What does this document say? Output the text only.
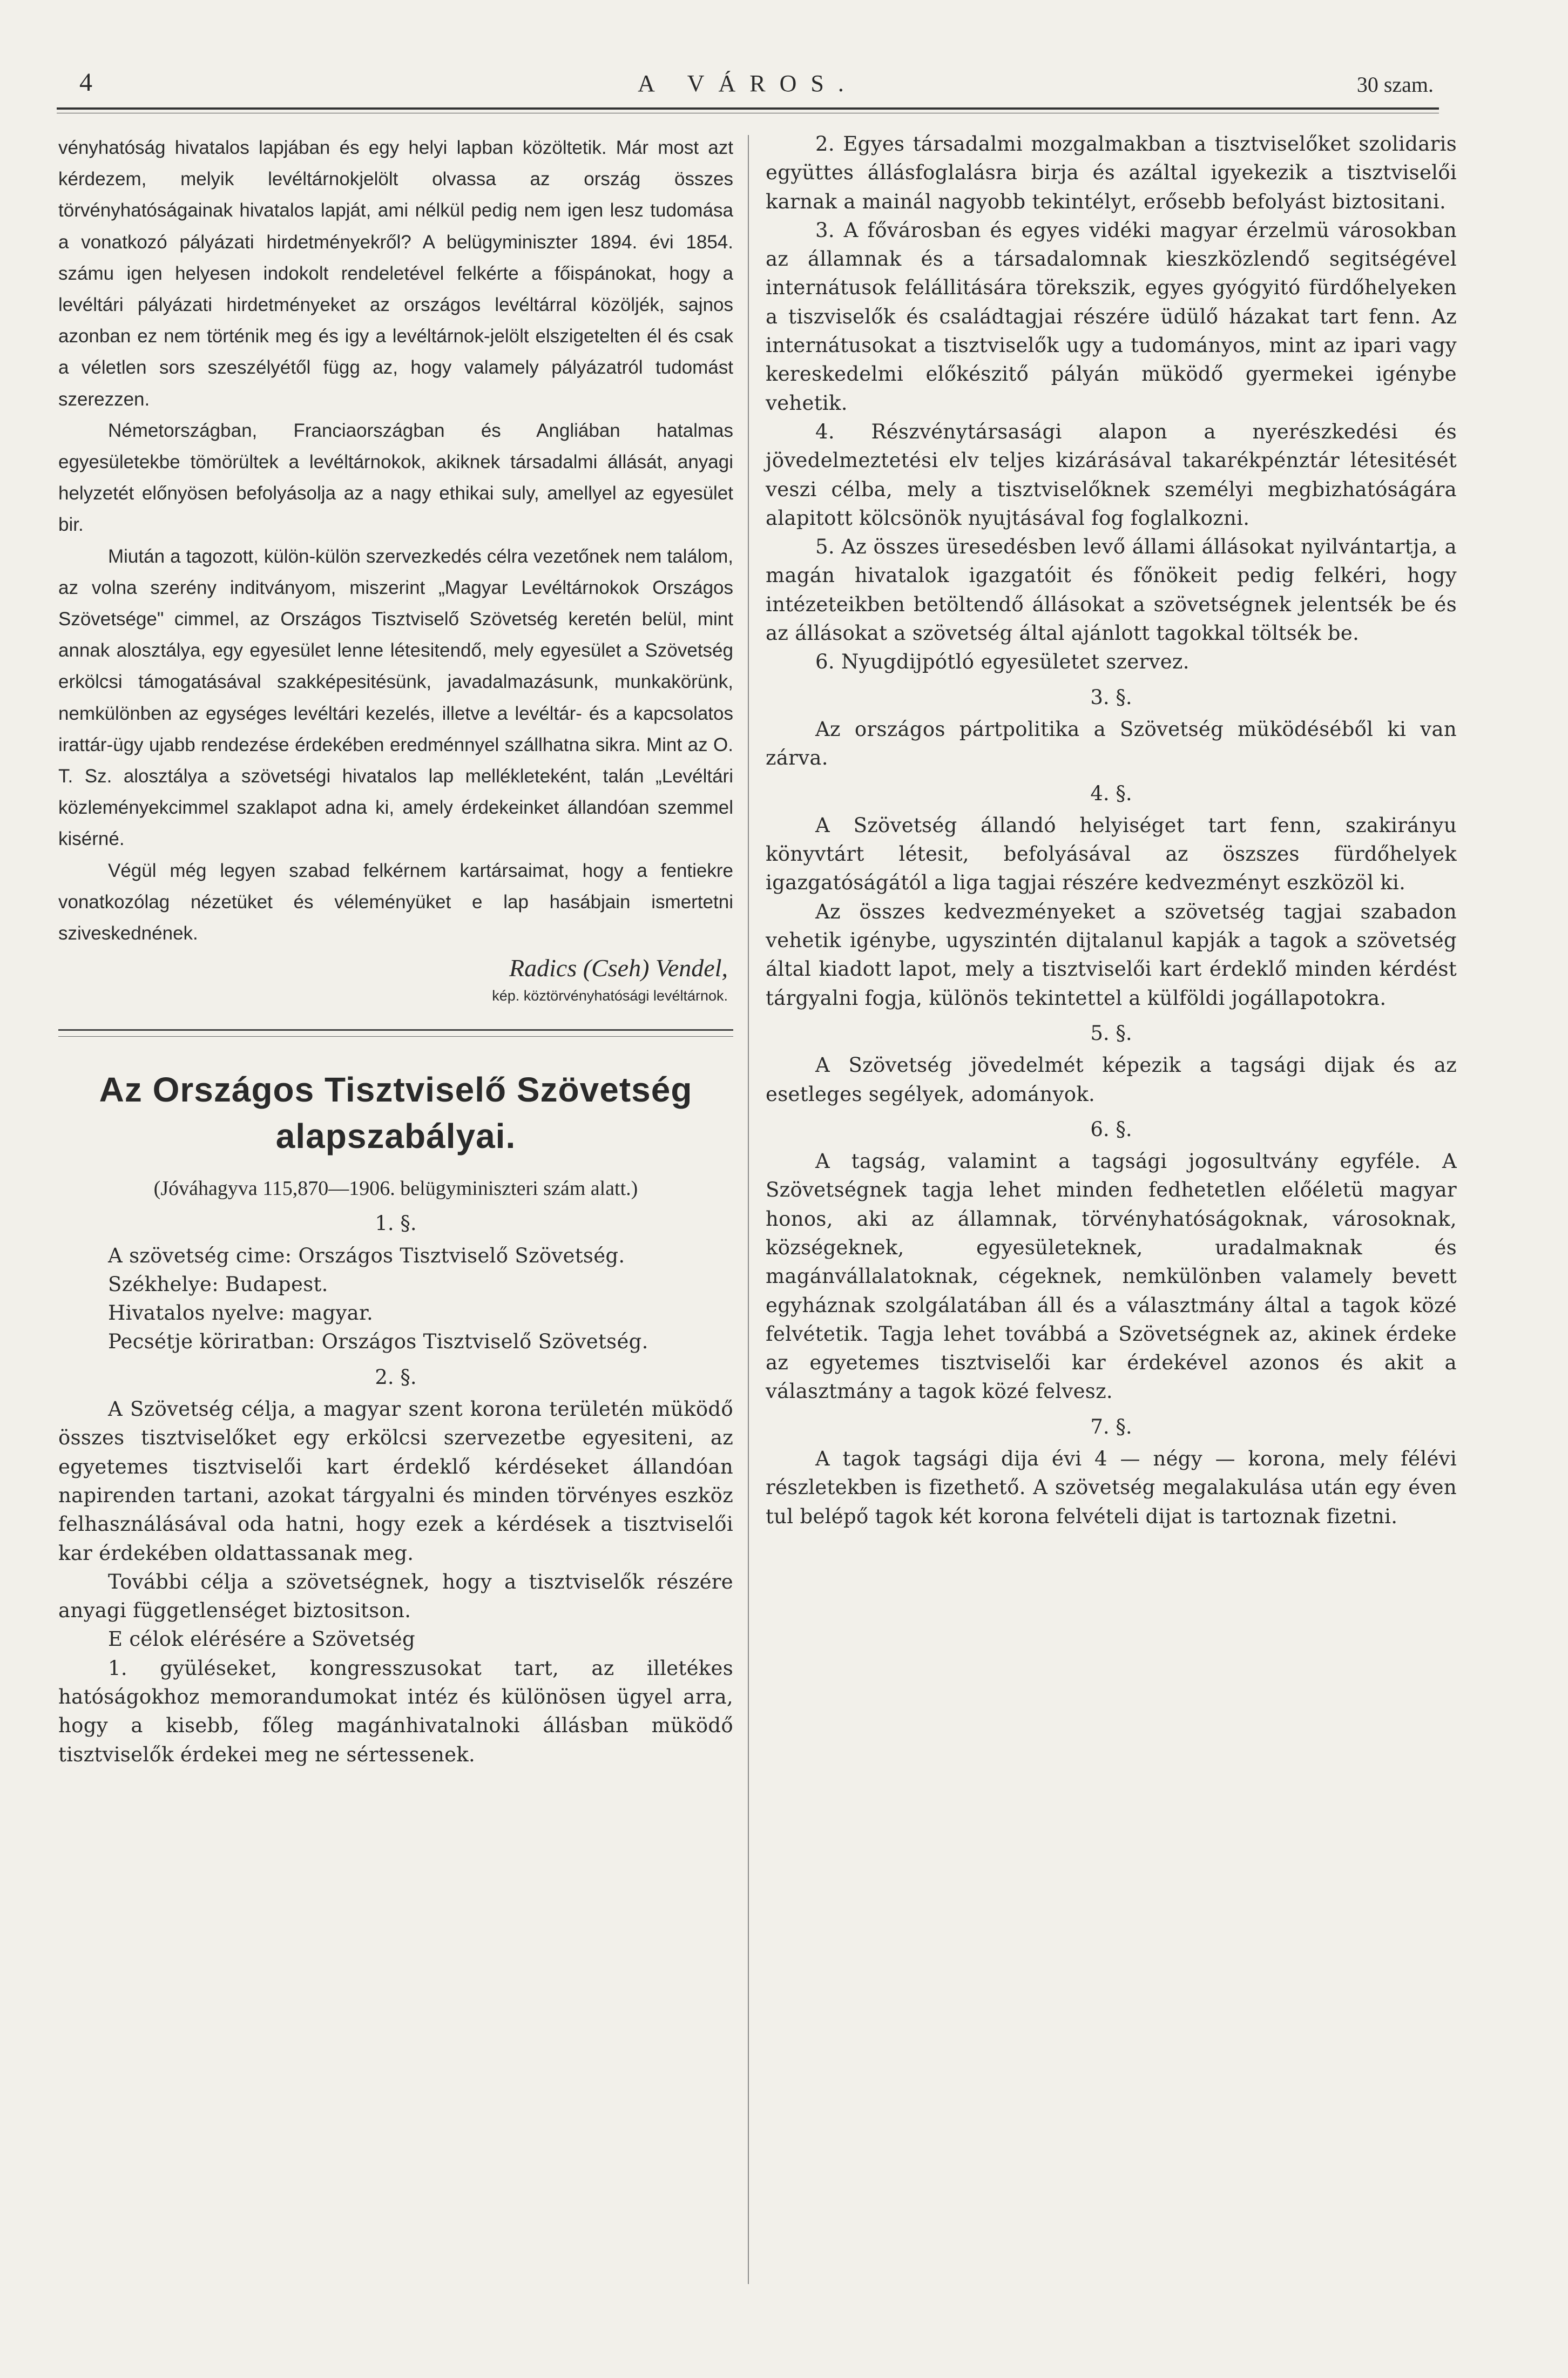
4	A VÁROS.	30 szam.

vényhatóság hivatalos lapjában és egy helyi lapban közöltetik. Már most azt kérdezem, melyik levéltárnokjelölt olvassa az ország összes törvényhatóságainak hivatalos lapját, ami nélkül pedig nem igen lesz tudomása a vonatkozó pályázati hirdetményekről? A belügyminiszter 1894. évi 1854. számu igen helyesen indokolt rendeletével felkérte a főispánokat, hogy a levéltári pályázati hirdetményeket az országos levéltárral közöljék, sajnos azonban ez nem történik meg és igy a levéltárnok-jelölt elszigetelten él és csak a véletlen sors szeszélyétől függ az, hogy valamely pályázatról tudomást szerezzen.

Németországban, Franciaországban és Angliában hatalmas egyesületekbe tömörültek a levéltárnokok, akiknek társadalmi állását, anyagi helyzetét előnyösen befolyásolja az a nagy ethikai suly, amellyel az egyesület bir.

Miután a tagozott, külön-külön szervezkedés célra vezetőnek nem találom, az volna szerény inditványom, miszerint „Magyar Levéltárnokok Országos Szövetsége" cimmel, az Országos Tisztviselő Szövetség keretén belül, mint annak alosztálya, egy egyesület lenne létesitendő, mely egyesület a Szövetség erkölcsi támogatásával szakképesitésünk, javadalmazásunk, munkakörünk, nemkülönben az egységes levéltári kezelés, illetve a levéltár- és a kapcsolatos irattár-ügy ujabb rendezése érdekében eredménnyel szállhatna sikra. Mint az O. T. Sz. alosztálya a szövetségi hivatalos lap mellékleteként, talán „Levéltári közleményekcimmel szaklapot adna ki, amely érdekeinket állandóan szemmel kisérné.

Végül még legyen szabad felkérnem kartársaimat, hogy a fentiekre vonatkozólag nézetüket és véleményüket e lap hasábjain ismertetni sziveskednének.

Radics (Cseh) Vendel,

kép. köztörvényhatósági levéltárnok.

Az Országos Tisztviselő Szövetség alapszabályai.

(Jóváhagyva 115,870—1906. belügyminiszteri szám alatt.)

1. §.

A szövetség cime: Országos Tisztviselő Szövetség.

Székhelye: Budapest.

Hivatalos nyelve: magyar.

Pecsétje köriratban: Országos Tisztviselő Szövetség.

2. §.

A Szövetség célja, a magyar szent korona területén müködő összes tisztviselőket egy erkölcsi szervezetbe egyesiteni, az egyetemes tisztviselői kart érdeklő kérdéseket állandóan napirenden tartani, azokat tárgyalni és minden törvényes eszköz felhasználásával oda hatni, hogy ezek a kérdések a tisztviselői kar érdekében oldattassanak meg.

További célja a szövetségnek, hogy a tisztviselők részére anyagi függetlenséget biztositson.

E célok elérésére a Szövetség

1. gyüléseket, kongresszusokat tart, az illetékes hatóságokhoz memorandumokat intéz és különösen ügyel arra, hogy a kisebb, főleg magánhivatalnoki állásban müködő tisztviselők érdekei meg ne sértessenek.

2. Egyes társadalmi mozgalmakban a tisztviselőket szolidaris együttes állásfoglalásra birja és azáltal igyekezik a tisztviselői karnak a mainál nagyobb tekintélyt, erősebb befolyást biztositani.

3. A fővárosban és egyes vidéki magyar érzelmü városokban az államnak és a társadalomnak kieszközlendő segitségével internátusok felállitására törekszik, egyes gyógyitó fürdőhelyeken a tiszviselők és családtagjai részére üdülő házakat tart fenn. Az internátusokat a tisztviselők ugy a tudományos, mint az ipari vagy kereskedelmi előkészitő pályán müködő gyermekei igénybe vehetik.

4. Részvénytársasági alapon a nyerészkedési és jövedelmeztetési elv teljes kizárásával takarékpénztár létesitését veszi célba, mely a tisztviselőknek személyi megbizhatóságára alapitott kölcsönök nyujtásával fog foglalkozni.

5. Az összes üresedésben levő állami állásokat nyilvántartja, a magán hivatalok igazgatóit és főnökeit pedig felkéri, hogy intézeteikben betöltendő állásokat a szövetségnek jelentsék be és az állásokat a szövetség által ajánlott tagokkal töltsék be.

6. Nyugdijpótló egyesületet szervez.

3. §.

Az országos pártpolitika a Szövetség müködéséből ki van zárva.

4. §.

A Szövetség állandó helyiséget tart fenn, szakirányu könyvtárt létesit, befolyásával az öszszes fürdőhelyek igazgatóságától a liga tagjai részére kedvezményt eszközöl ki.

Az összes kedvezményeket a szövetség tagjai szabadon vehetik igénybe, ugyszintén dijtalanul kapják a tagok a szövetség által kiadott lapot, mely a tisztviselői kart érdeklő minden kérdést tárgyalni fogja, különös tekintettel a külföldi jogállapotokra.

5. §.

A Szövetség jövedelmét képezik a tagsági dijak és az esetleges segélyek, adományok.

6. §.

A tagság, valamint a tagsági jogosultvány egyféle. A Szövetségnek tagja lehet minden fedhetetlen előéletü magyar honos, aki az államnak, törvényhatóságoknak, városoknak, községeknek, egyesületeknek, uradalmaknak és magánvállalatoknak, cégeknek, nemkülönben valamely bevett egyháznak szolgálatában áll és a választmány által a tagok közé felvétetik. Tagja lehet továbbá a Szövetségnek az, akinek érdeke az egyetemes tisztviselői kar érdekével azonos és akit a választmány a tagok közé felvesz.

7. §.

A tagok tagsági dija évi 4 — négy — korona, mely félévi részletekben is fizethető. A szövetség megalakulása után egy éven tul belépő tagok két korona felvételi dijat is tartoznak fizetni.
